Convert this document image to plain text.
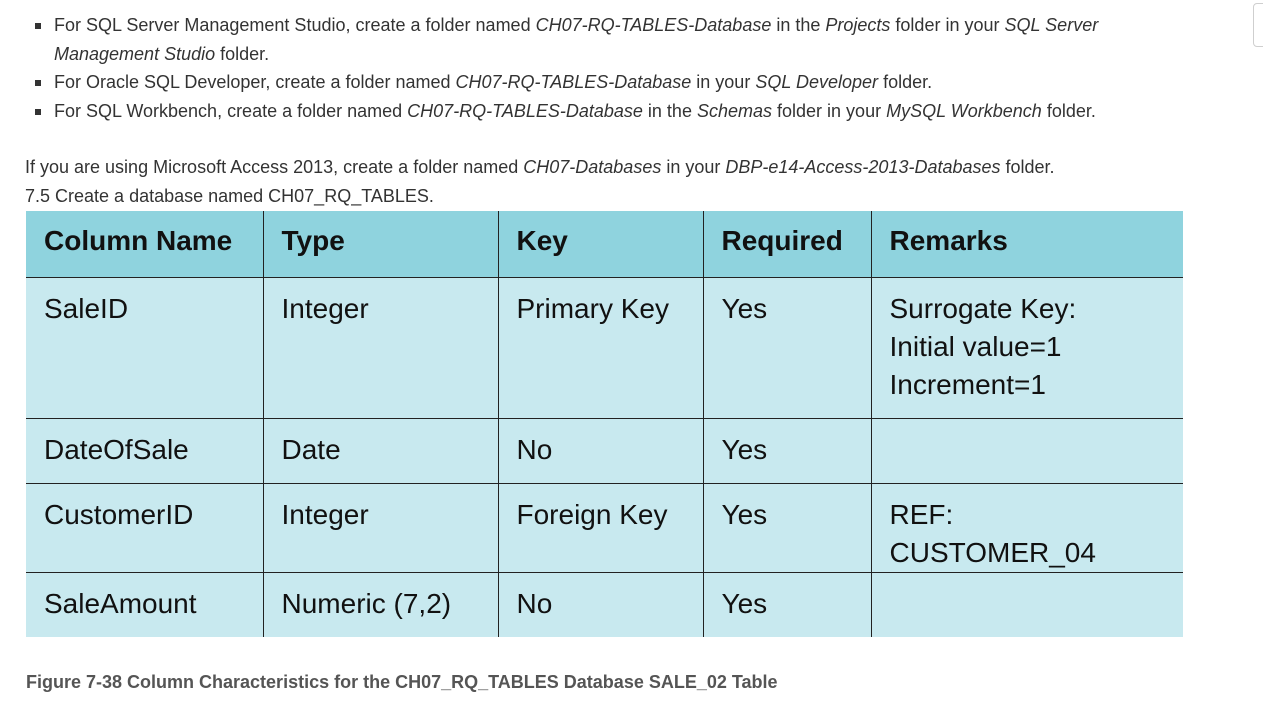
For SQL Server Management Studio, create a folder named CH07-RQ-TABLES-Database in the Projects folder in your SQL Server Management Studio folder.
For Oracle SQL Developer, create a folder named CH07-RQ-TABLES-Database in your SQL Developer folder.
For SQL Workbench, create a folder named CH07-RQ-TABLES-Database in the Schemas folder in your MySQL Workbench folder.

If you are using Microsoft Access 2013, create a folder named CH07-Databases in your DBP-e14-Access-2013-Databases folder.

7.5 Create a database named CH07_RQ_TABLES.

Column Name	Type	Key	Required	Remarks
SaleID	Integer	Primary Key	Yes	Surrogate Key:
Initial value=1
Increment=1

DateOfSale	Date	No	Yes	
CustomerID	Integer	Foreign Key	Yes	REF: CUSTOMER_04

SaleAmount	Numeric (7,2)	No	Yes	
Figure 7-38 Column Characteristics for the CH07_RQ_TABLES Database SALE_02 Table
